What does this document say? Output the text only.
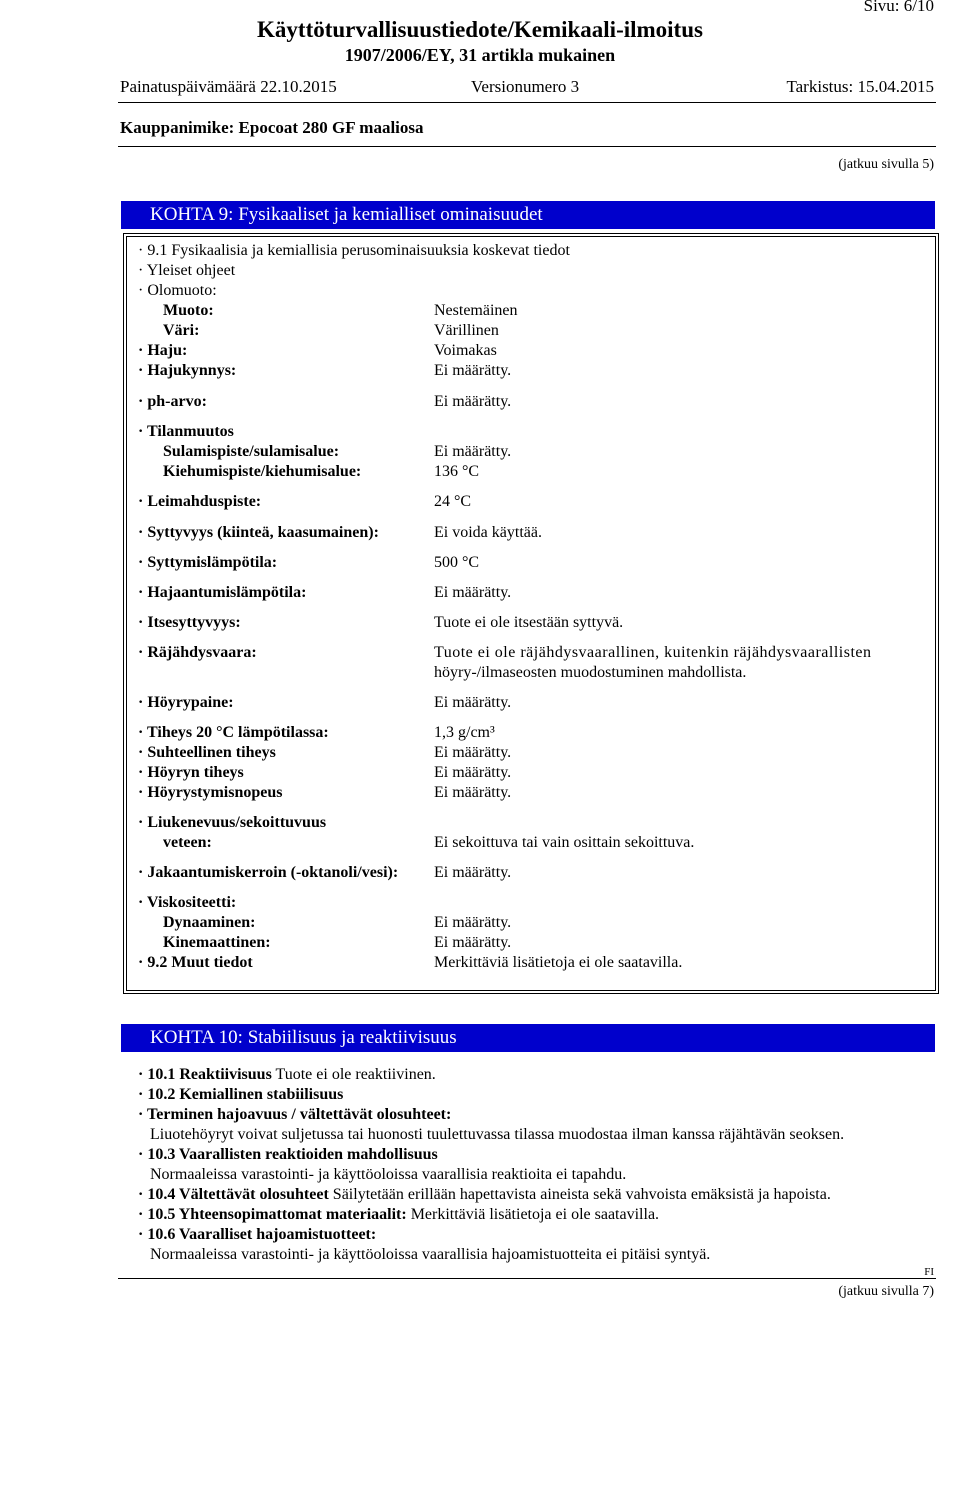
Sivu: 6/10
Käyttöturvallisuustiedote/Kemikaali-ilmoitus
1907/2006/EY, 31 artikla mukainen
Painatuspäivämäärä 22.10.2015	Versionumero 3	Tarkistus: 15.04.2015
Kauppanimike: Epocoat 280 GF maaliosa
(jatkuu sivulla 5)
KOHTA 9: Fysikaaliset ja kemialliset ominaisuudet
· 9.1 Fysikaalisia ja kemiallisia perusominaisuuksia koskevat tiedot
· Yleiset ohjeet
· Olomuoto:
Muoto:	Nestemäinen
Väri:	Värillinen
· Haju:	Voimakas
· Hajukynnys:	Ei määrätty.
· ph-arvo:	Ei määrätty.
· Tilanmuutos
Sulamispiste/sulamisalue:	Ei määrätty.
Kiehumispiste/kiehumisalue:	136 °C
· Leimahduspiste:	24 °C
· Syttyvyys (kiinteä, kaasumainen):	Ei voida käyttää.
· Syttymislämpötila:	500 °C
· Hajaantumislämpötila:	Ei määrätty.
· Itsesyttyvyys:	Tuote ei ole itsestään syttyvä.
· Räjähdysvaara:	Tuote ei ole räjähdysvaarallinen, kuitenkin räjähdysvaarallisten
höyry-/ilmaseosten muodostuminen mahdollista.
· Höyrypaine:	Ei määrätty.
· Tiheys 20 °C lämpötilassa:	1,3 g/cm³
· Suhteellinen tiheys	Ei määrätty.
· Höyryn tiheys	Ei määrätty.
· Höyrystymisnopeus	Ei määrätty.
· Liukenevuus/sekoittuvuus
veteen:	Ei sekoittuva tai vain osittain sekoittuva.
· Jakaantumiskerroin (-oktanoli/vesi): Ei määrätty.
· Viskositeetti:
Dynaaminen:	Ei määrätty.
Kinemaattinen:	Ei määrätty.
· 9.2 Muut tiedot	Merkittäviä lisätietoja ei ole saatavilla.
KOHTA 10: Stabiilisuus ja reaktiivisuus
· 10.1 Reaktiivisuus Tuote ei ole reaktiivinen.
· 10.2 Kemiallinen stabiilisuus
· Terminen hajoavuus / vältettävät olosuhteet:
Liuotehöyryt voivat suljetussa tai huonosti tuulettuvassa tilassa muodostaa ilman kanssa räjähtävän seoksen.
· 10.3 Vaarallisten reaktioiden mahdollisuus
Normaaleissa varastointi- ja käyttöoloissa vaarallisia reaktioita ei tapahdu.
· 10.4 Vältettävät olosuhteet Säilytetään erillään hapettavista aineista sekä vahvoista emäksistä ja hapoista.
· 10.5 Yhteensopimattomat materiaalit: Merkittäviä lisätietoja ei ole saatavilla.
· 10.6 Vaaralliset hajoamistuotteet:
Normaaleissa varastointi- ja käyttöoloissa vaarallisia hajoamistuotteita ei pitäisi syntyä.
FI
(jatkuu sivulla 7)
